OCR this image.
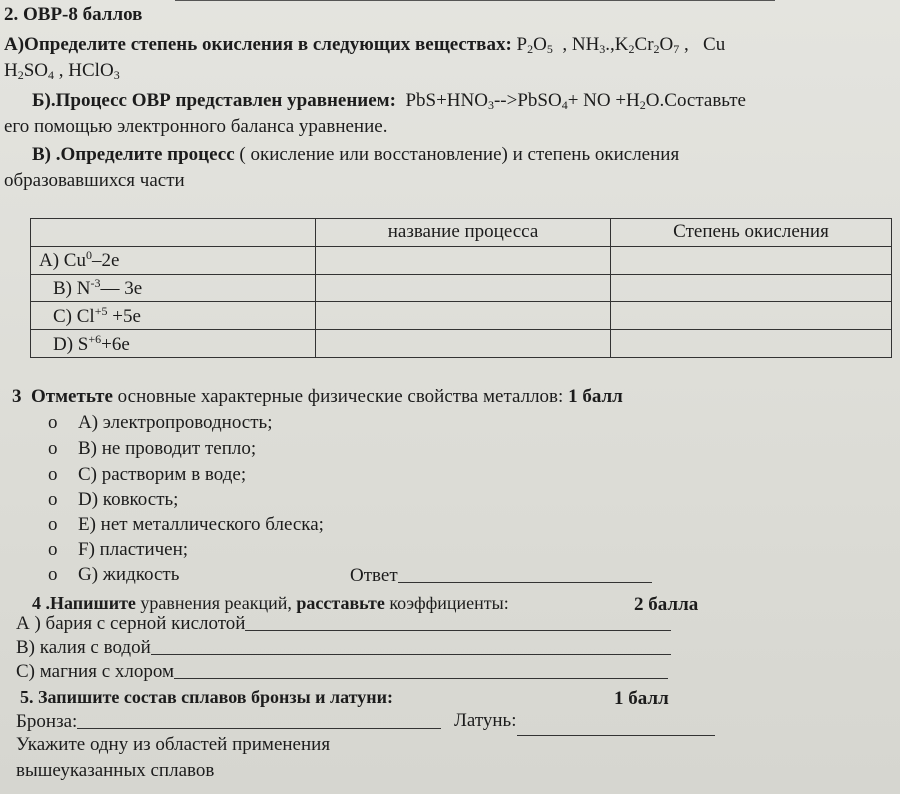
2. ОВР-8 баллов
А)Определите степень окисления в следующих веществах: $P_2O_5$  , $NH_3.,K_2Cr_2O_7$ ,   Cu
$H_2SO_4$ , HClO$_3$
Б).Процесс ОВР представлен уравнением: $PbS+HNO_3-->PbSO_4+$ NO $+H_2O.Составьте$
его помощью электронного баланса уравнение.
В) .Определите процесс ( окисление или восстановление) и степень окисления
образовавшихся части
	название процесса	Степень окисления
A) Cu$^0$–2e		
B) $N^{-3}—$ 3e		
C) $Cl^{+5} +5e$		
D) $S^{+6}+6e$		
3 Отметьте основные характерные физические свойства металлов: 1 балл
o A) электропроводность;
o B) не проводит тепло;
o C) растворим в воде;
o D) ковкость;
o E) нет металлического блеска;
o F) пластичен;
o G) жидкость	Ответ
4 .Напишите уравнения реакций, расставьте коэффициенты:	2 балла
А ) бария с серной кислотой
В) калия с водой
С) магния с хлором
5. Запишите состав сплавов бронзы и латуни:	1 балл
Бронза:	Латунь:
Укажите одну из областей применения
вышеуказанных сплавов
